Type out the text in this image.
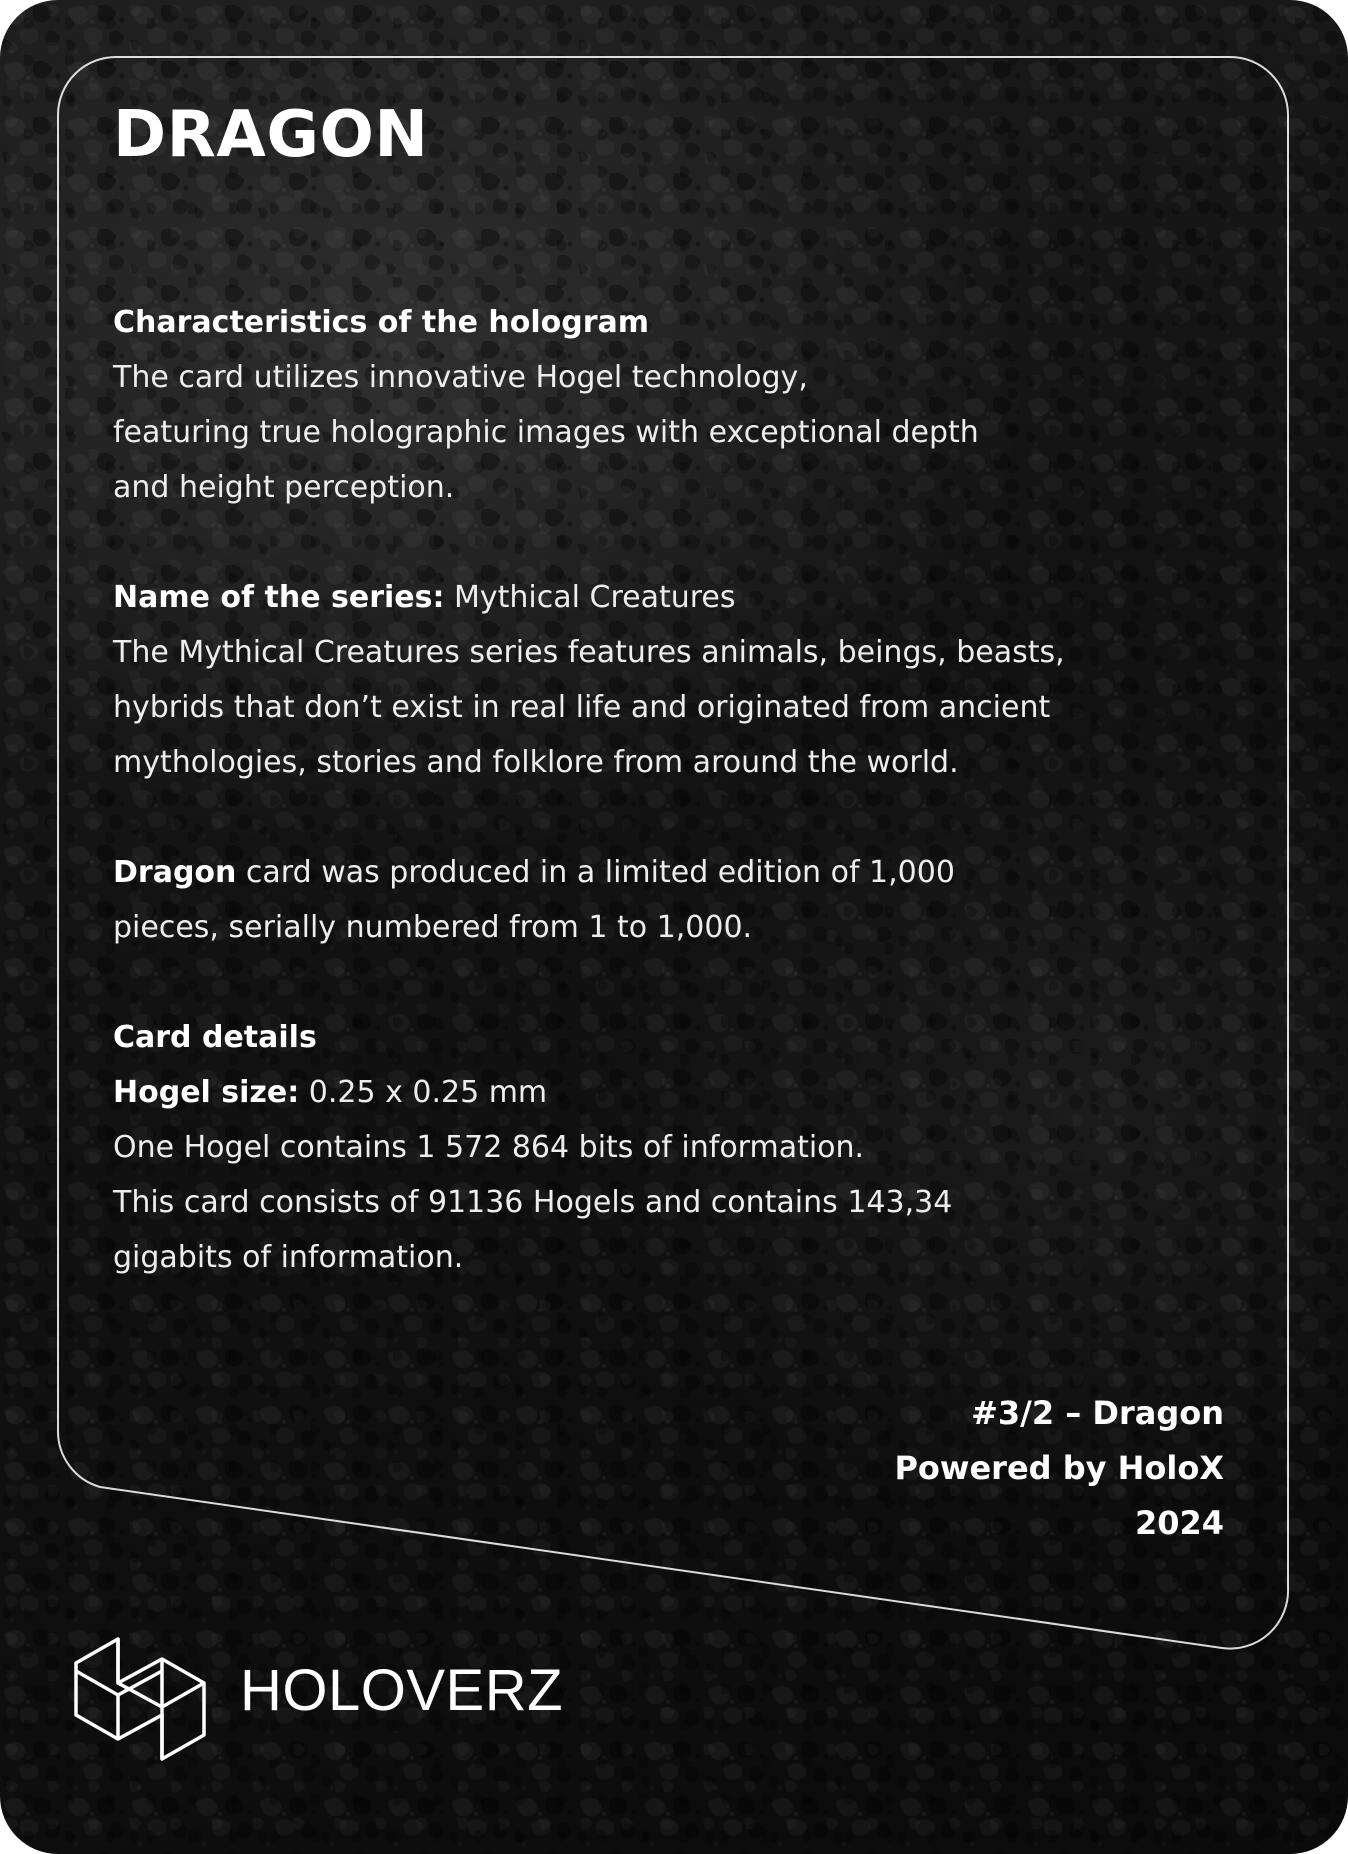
DRAGON

Characteristics of the hologram

The card utilizes innovative Hogel technology,

featuring true holographic images with exceptional depth

and height perception.

Name of the series: Mythical Creatures

The Mythical Creatures series features animals, beings, beasts,

hybrids that don’t exist in real life and originated from ancient

mythologies, stories and folklore from around the world.

Dragon card was produced in a limited edition of 1,000

pieces, serially numbered from 1 to 1,000.

Card details

Hogel size: 0.25 x 0.25 mm

One Hogel contains 1 572 864 bits of information.

This card consists of 91136 Hogels and contains 143,34

gigabits of information.

#3/2 – Dragon
Powered by HoloX
2024
HOLOVERZ
